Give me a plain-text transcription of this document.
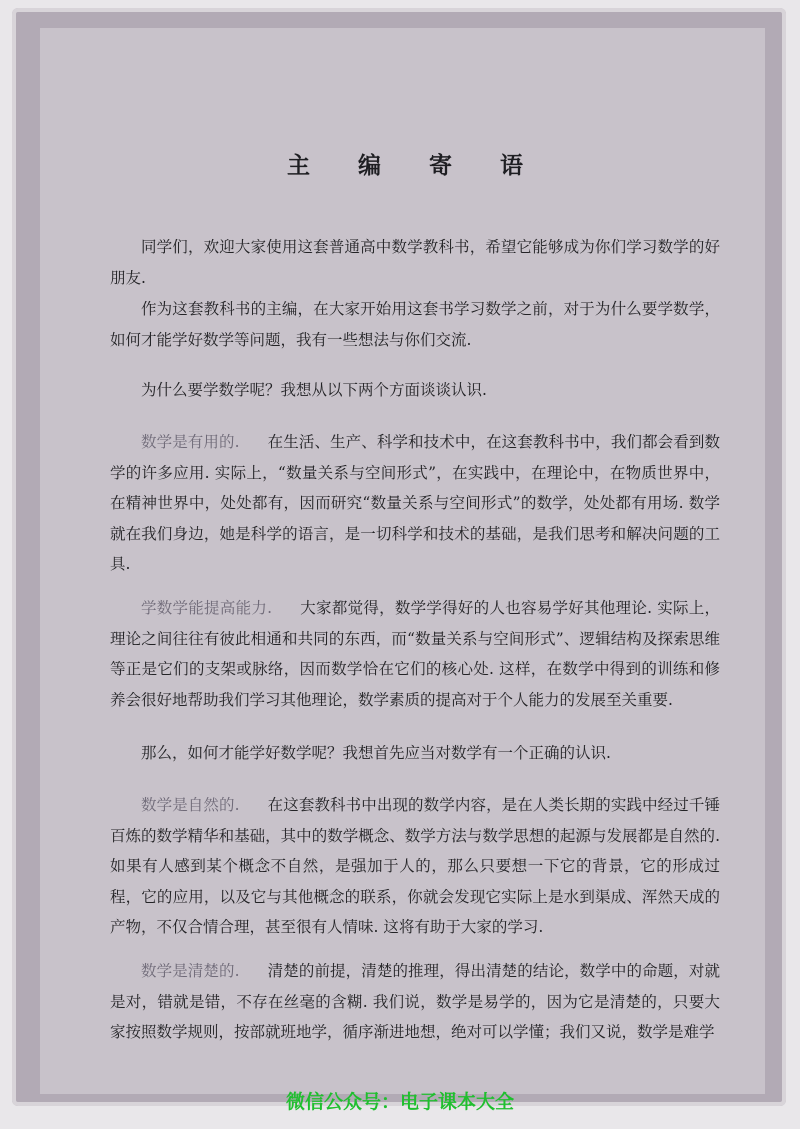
主 编 寄 语

同学们，欢迎大家使用这套普通高中数学教科书，希望它能够成为你们学习数学的好朋友.

作为这套教科书的主编，在大家开始用这套书学习数学之前，对于为什么要学数学，如何才能学好数学等问题，我有一些想法与你们交流.

为什么要学数学呢？我想从以下两个方面谈谈认识.

数学是有用的. 在生活、生产、科学和技术中，在这套教科书中，我们都会看到数学的许多应用. 实际上，“数量关系与空间形式”，在实践中，在理论中，在物质世界中，在精神世界中，处处都有，因而研究“数量关系与空间形式”的数学，处处都有用场. 数学就在我们身边，她是科学的语言，是一切科学和技术的基础，是我们思考和解决问题的工具.

学数学能提高能力. 大家都觉得，数学学得好的人也容易学好其他理论. 实际上，理论之间往往有彼此相通和共同的东西，而“数量关系与空间形式”、逻辑结构及探索思维等正是它们的支架或脉络，因而数学恰在它们的核心处. 这样，在数学中得到的训练和修养会很好地帮助我们学习其他理论，数学素质的提高对于个人能力的发展至关重要.

那么，如何才能学好数学呢？我想首先应当对数学有一个正确的认识.

数学是自然的. 在这套教科书中出现的数学内容，是在人类长期的实践中经过千锤百炼的数学精华和基础，其中的数学概念、数学方法与数学思想的起源与发展都是自然的. 如果有人感到某个概念不自然，是强加于人的，那么只要想一下它的背景，它的形成过程，它的应用，以及它与其他概念的联系，你就会发现它实际上是水到渠成、浑然天成的产物，不仅合情合理，甚至很有人情味. 这将有助于大家的学习.

数学是清楚的. 清楚的前提，清楚的推理，得出清楚的结论，数学中的命题，对就是对，错就是错，不存在丝毫的含糊. 我们说，数学是易学的，因为它是清楚的，只要大家按照数学规则，按部就班地学，循序渐进地想，绝对可以学懂；我们又说，数学是难学

微信公众号：电子课本大全
